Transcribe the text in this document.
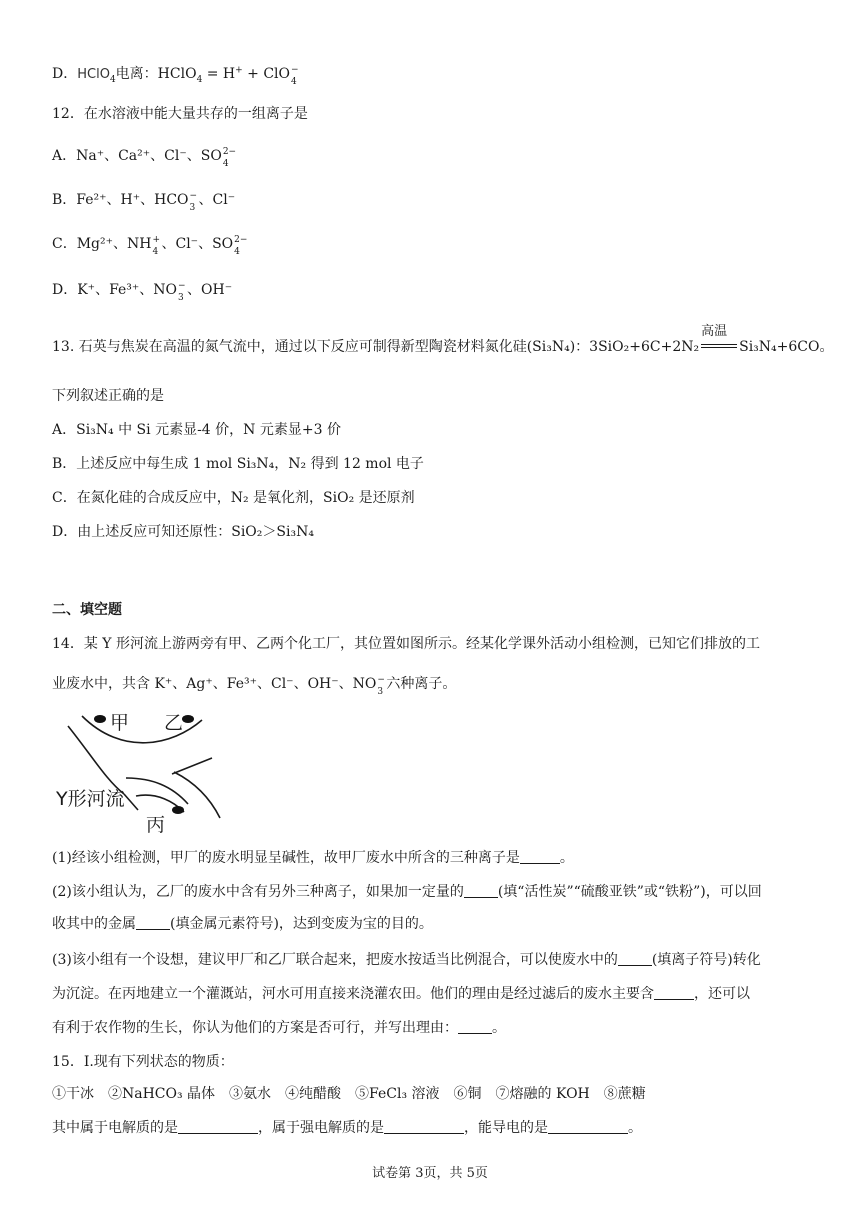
D．HClO$_4$电离：HClO$_4$ = H+ + ClO −
4
12．在水溶液中能大量共存的一组离子是
A．Na⁺、Ca²⁺、Cl⁻、SO 2−
4
B．Fe²⁺、H⁺、HCO −
3 、Cl⁻
C．Mg²⁺、NH +
4 、Cl⁻、SO 2−
4
D．K⁺、Fe³⁺、NO −
3 、OH⁻
13. 石英与焦炭在高温的氮气流中，通过以下反应可制得新型陶瓷材料氮化硅(Si₃N₄)：3SiO₂+6C+2N₂
高温
Si₃N₄+6CO。
下列叙述正确的是
A．Si₃N₄ 中 Si 元素显-4 价，N 元素显+3 价
B．上述反应中每生成 1 mol Si₃N₄，N₂ 得到 12 mol 电子
C．在氮化硅的合成反应中，N₂ 是氧化剂，SiO₂ 是还原剂
D．由上述反应可知还原性：SiO₂＞Si₃N₄
二、填空题
14．某 Y 形河流上游两旁有甲、乙两个化工厂，其位置如图所示。经某化学课外活动小组检测，已知它们排放的工
业废水中，共含 K⁺、Ag⁺、Fe³⁺、Cl⁻、OH⁻、NO −
3 六种离子。
甲 乙
Y形河流
丙
(1)经该小组检测，甲厂的废水明显呈碱性，故甲厂废水中所含的三种离子是	。
(2)该小组认为，乙厂的废水中含有另外三种离子，如果加一定量的 (填“活性炭”“硫酸亚铁”或“铁粉”)，可以回
收其中的金属 (填金属元素符号)，达到变废为宝的目的。
(3)该小组有一个设想，建议甲厂和乙厂联合起来，把废水按适当比例混合，可以使废水中的 (填离子符号)转化
为沉淀。在丙地建立一个灌溉站，河水可用直接来浇灌农田。他们的理由是经过滤后的废水主要含	，还可以
有利于农作物的生长，你认为他们的方案是否可行，并写出理由： 。
15．Ⅰ.现有下列状态的物质：
①干冰　②NaHCO₃ 晶体　③氨水　④纯醋酸　⑤FeCl₃ 溶液　⑥铜　⑦熔融的 KOH　⑧蔗糖
其中属于电解质的是	，属于强电解质的是	，能导电的是	。
试卷第 3页，共 5页
